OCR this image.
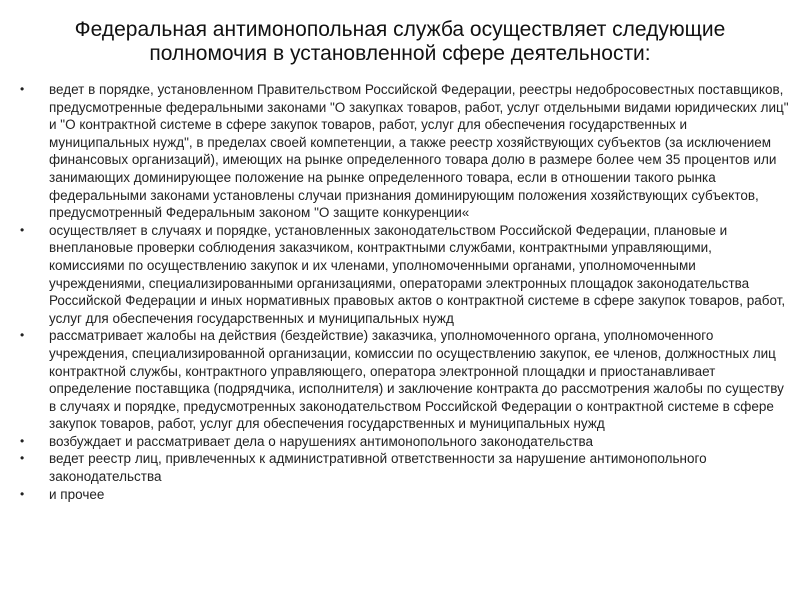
Федеральная антимонопольная служба осуществляет следующие полномочия в установленной сфере деятельности:
• ведет в порядке, установленном Правительством Российской Федерации, реестры недобросовестных поставщиков, предусмотренные федеральными законами "О закупках товаров, работ, услуг отдельными видами юридических лиц" и "О контрактной системе в сфере закупок товаров, работ, услуг для обеспечения государственных и муниципальных нужд", в пределах своей компетенции, а также реестр хозяйствующих субъектов (за исключением финансовых организаций), имеющих на рынке определенного товара долю в размере более чем 35 процентов или занимающих доминирующее положение на рынке определенного товара, если в отношении такого рынка федеральными законами установлены случаи признания доминирующим положения хозяйствующих субъектов, предусмотренный Федеральным законом "О защите конкуренции«
• осуществляет в случаях и порядке, установленных законодательством Российской Федерации, плановые и внеплановые проверки соблюдения заказчиком, контрактными службами, контрактными управляющими, комиссиями по осуществлению закупок и их членами, уполномоченными органами, уполномоченными учреждениями, специализированными организациями, операторами электронных площадок законодательства Российской Федерации и иных нормативных правовых актов о контрактной системе в сфере закупок товаров, работ, услуг для обеспечения государственных и муниципальных нужд
• рассматривает жалобы на действия (бездействие) заказчика, уполномоченного органа, уполномоченного учреждения, специализированной организации, комиссии по осуществлению закупок, ее членов, должностных лиц контрактной службы, контрактного управляющего, оператора электронной площадки и приостанавливает определение поставщика (подрядчика, исполнителя) и заключение контракта до рассмотрения жалобы по существу в случаях и порядке, предусмотренных законодательством Российской Федерации о контрактной системе в сфере закупок товаров, работ, услуг для обеспечения государственных и муниципальных нужд
• возбуждает и рассматривает дела о нарушениях антимонопольного законодательства
• ведет реестр лиц, привлеченных к административной ответственности за нарушение антимонопольного законодательства
• и прочее
